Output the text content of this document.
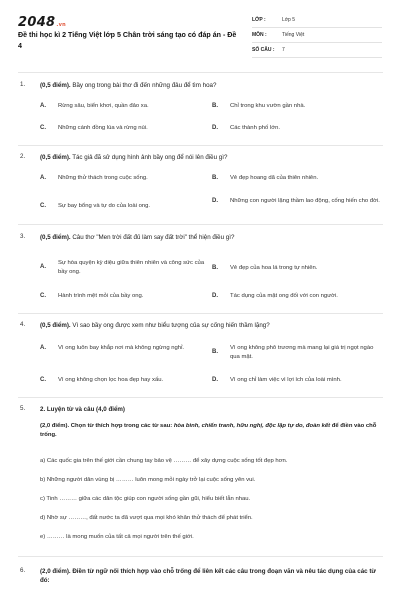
2048.vn
Đề thi học kì 2 Tiếng Việt lớp 5 Chân trời sáng tạo có đáp án - Đề 4
LỚP :	Lớp 5
MÔN :	Tiếng Việt
SỐ CÂU :	7
1. (0,5 điểm). Bầy ong trong bài thơ đi đến những đâu để tìm hoa?
A.	Rừng sâu, biển khơi, quần đảo xa.	B.	Chỉ trong khu vườn gần nhà.
C.	Những cánh đồng lúa và rừng núi.	D.	Các thành phố lớn.
2. (0,5 điểm). Tác giả đã sử dụng hình ảnh bầy ong để nói lên điều gì?
A.	Những thử thách trong cuộc sống.	B.	Vẻ đẹp hoang dã của thiên nhiên.
C.	Sự bay bổng và tự do của loài ong.
D.	Những con người lặng thầm lao động, cống hiến cho đời.
3. (0,5 điểm). Câu thơ "Men trời đất đủ làm say đất trời" thể hiện điều gì?
A.
Sự hòa quyện kỳ diệu giữa thiên nhiên và công sức của bầy ong.
B.	Vẻ đẹp của hoa lá trong tự nhiên.
C.	Hành trình mệt mỏi của bầy ong.	D.	Tác dụng của mật ong đối với con người.
4. (0,5 điểm). Vì sao bầy ong được xem như biểu tượng của sự cống hiến thầm lặng?
A.	Vì ong luôn bay khắp nơi mà không ngừng nghỉ.
B.
Vì ong không phô trương mà mang lại giá trị ngọt ngào qua mật.
C.	Vì ong không chọn lọc hoa đẹp hay xấu.	D.	Vì ong chỉ làm việc vì lợi ích của loài mình.
5. 2. Luyện từ và câu (4,0 điểm)
(2,0 điểm). Chọn từ thích hợp trong các từ sau: hòa bình, chiến tranh, hữu nghị, độc lập tự do, đoàn kết để điền vào chỗ trống.
a) Các quốc gia trên thế giới cần chung tay bảo vệ ……… để xây dựng cuộc sống tốt đẹp hơn.
b) Những người dân vùng bị ……… luôn mong mỏi ngày trở lại cuộc sống yên vui.
c) Tinh ……… giữa các dân tộc giúp con người sống gần gũi, hiểu biết lẫn nhau.
d) Nhờ sự ………, đất nước ta đã vượt qua mọi khó khăn thử thách để phát triển.
e) ……… là mong muốn của tất cả mọi người trên thế giới.
6. (2,0 điểm). Điền từ ngữ nối thích hợp vào chỗ trống để liên kết các câu trong đoạn văn và nêu tác dụng của các từ đó:
